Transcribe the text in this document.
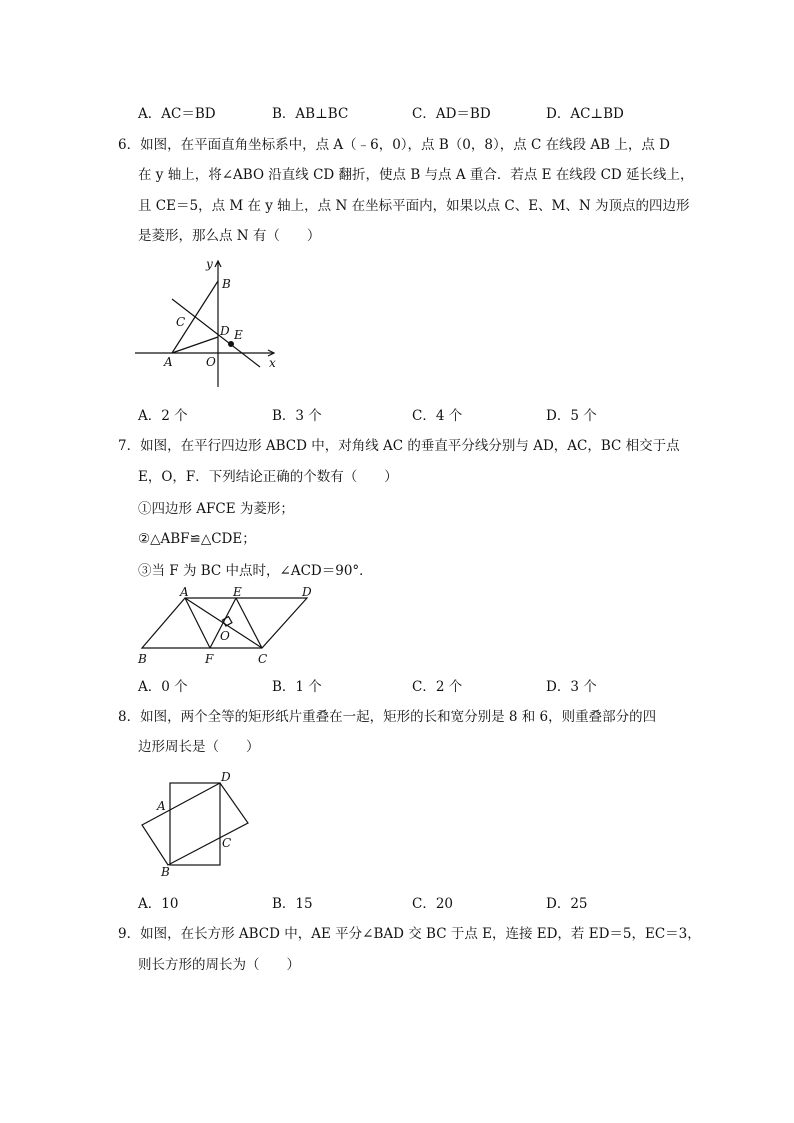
A．AC＝BD	B．AB⊥BC	C．AD＝BD	D．AC⊥BD
6．如图，在平面直角坐标系中，点 A（﹣6，0），点 B（0，8），点 C 在线段 AB 上，点 D
在 y 轴上，将∠ABO 沿直线 CD 翻折，使点 B 与点 A 重合．若点 E 在线段 CD 延长线上，
且 CE＝5，点 M 在 y 轴上，点 N 在坐标平面内，如果以点 C、E、M、N 为顶点的四边形
是菱形，那么点 N 有（　　）
y
x
B
C
D E
A	O
A．2 个	B．3 个	C．4 个	D．5 个
7．如图，在平行四边形 ABCD 中，对角线 AC 的垂直平分线分别与 AD，AC，BC 相交于点
E，O，F．下列结论正确的个数有（　　）
①四边形 AFCE 为菱形；
②△ABF≌△CDE；
③当 F 为 BC 中点时，∠ACD＝90°．
A	E	D
O
B	F	C
A．0 个	B．1 个	C．2 个	D．3 个
8．如图，两个全等的矩形纸片重叠在一起，矩形的长和宽分别是 8 和 6，则重叠部分的四
边形周长是（　　）
D
A
C
B
A．10	B．15	C．20	D．25
9．如图，在长方形 ABCD 中，AE 平分∠BAD 交 BC 于点 E，连接 ED，若 ED＝5，EC＝3，
则长方形的周长为（　　）
